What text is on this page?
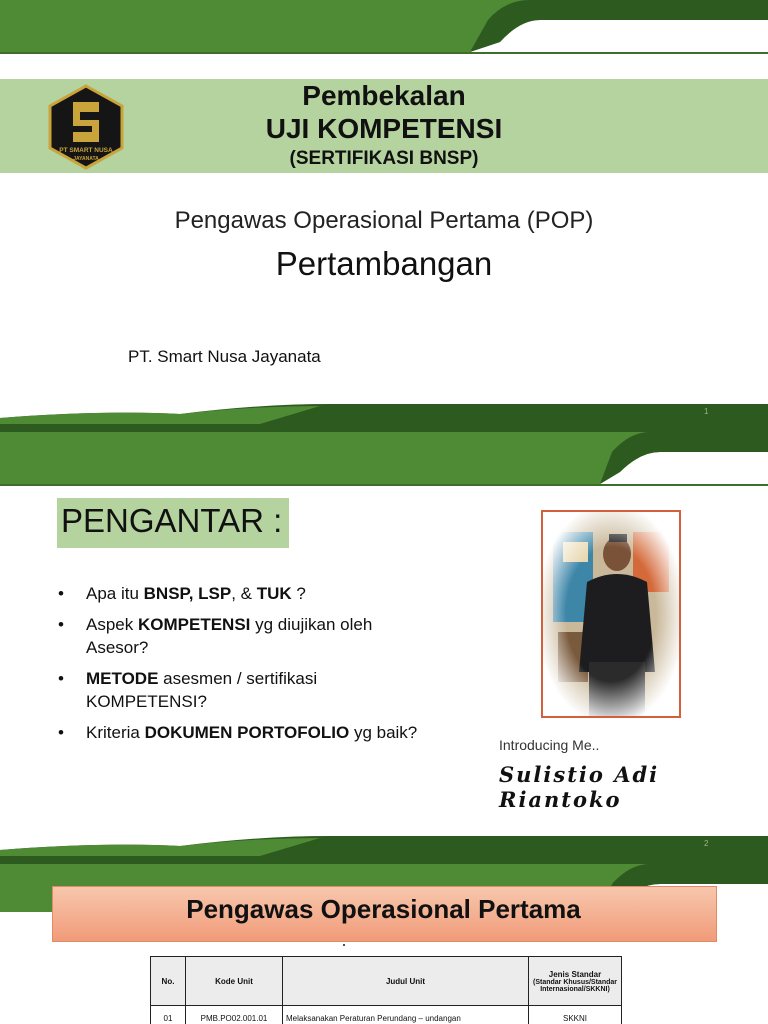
PT SMART NUSA
JAYANATA
Pembekalan
UJI KOMPETENSI
(SERTIFIKASI BNSP)
Pengawas Operasional Pertama (POP)
Pertambangan
PT. Smart Nusa Jayanata
1
PENGANTAR :
• Apa itu BNSP, LSP, & TUK ?
• Aspek KOMPETENSI yg diujikan oleh Asesor?
• METODE asesmen / sertifikasi KOMPETENSI?
• Kriteria DOKUMEN PORTOFOLIO yg baik?
Introducing Me..
Sulistio Adi Riantoko
2
Pengawas Operasional Pertama
No.	Kode Unit	Judul Unit	Jenis Standar
(Standar Khusus/Standar Internasional/SKKNI)

01	PMB.PO02.001.01	Melaksanakan Peraturan Perundang – undangan	SKKNI
